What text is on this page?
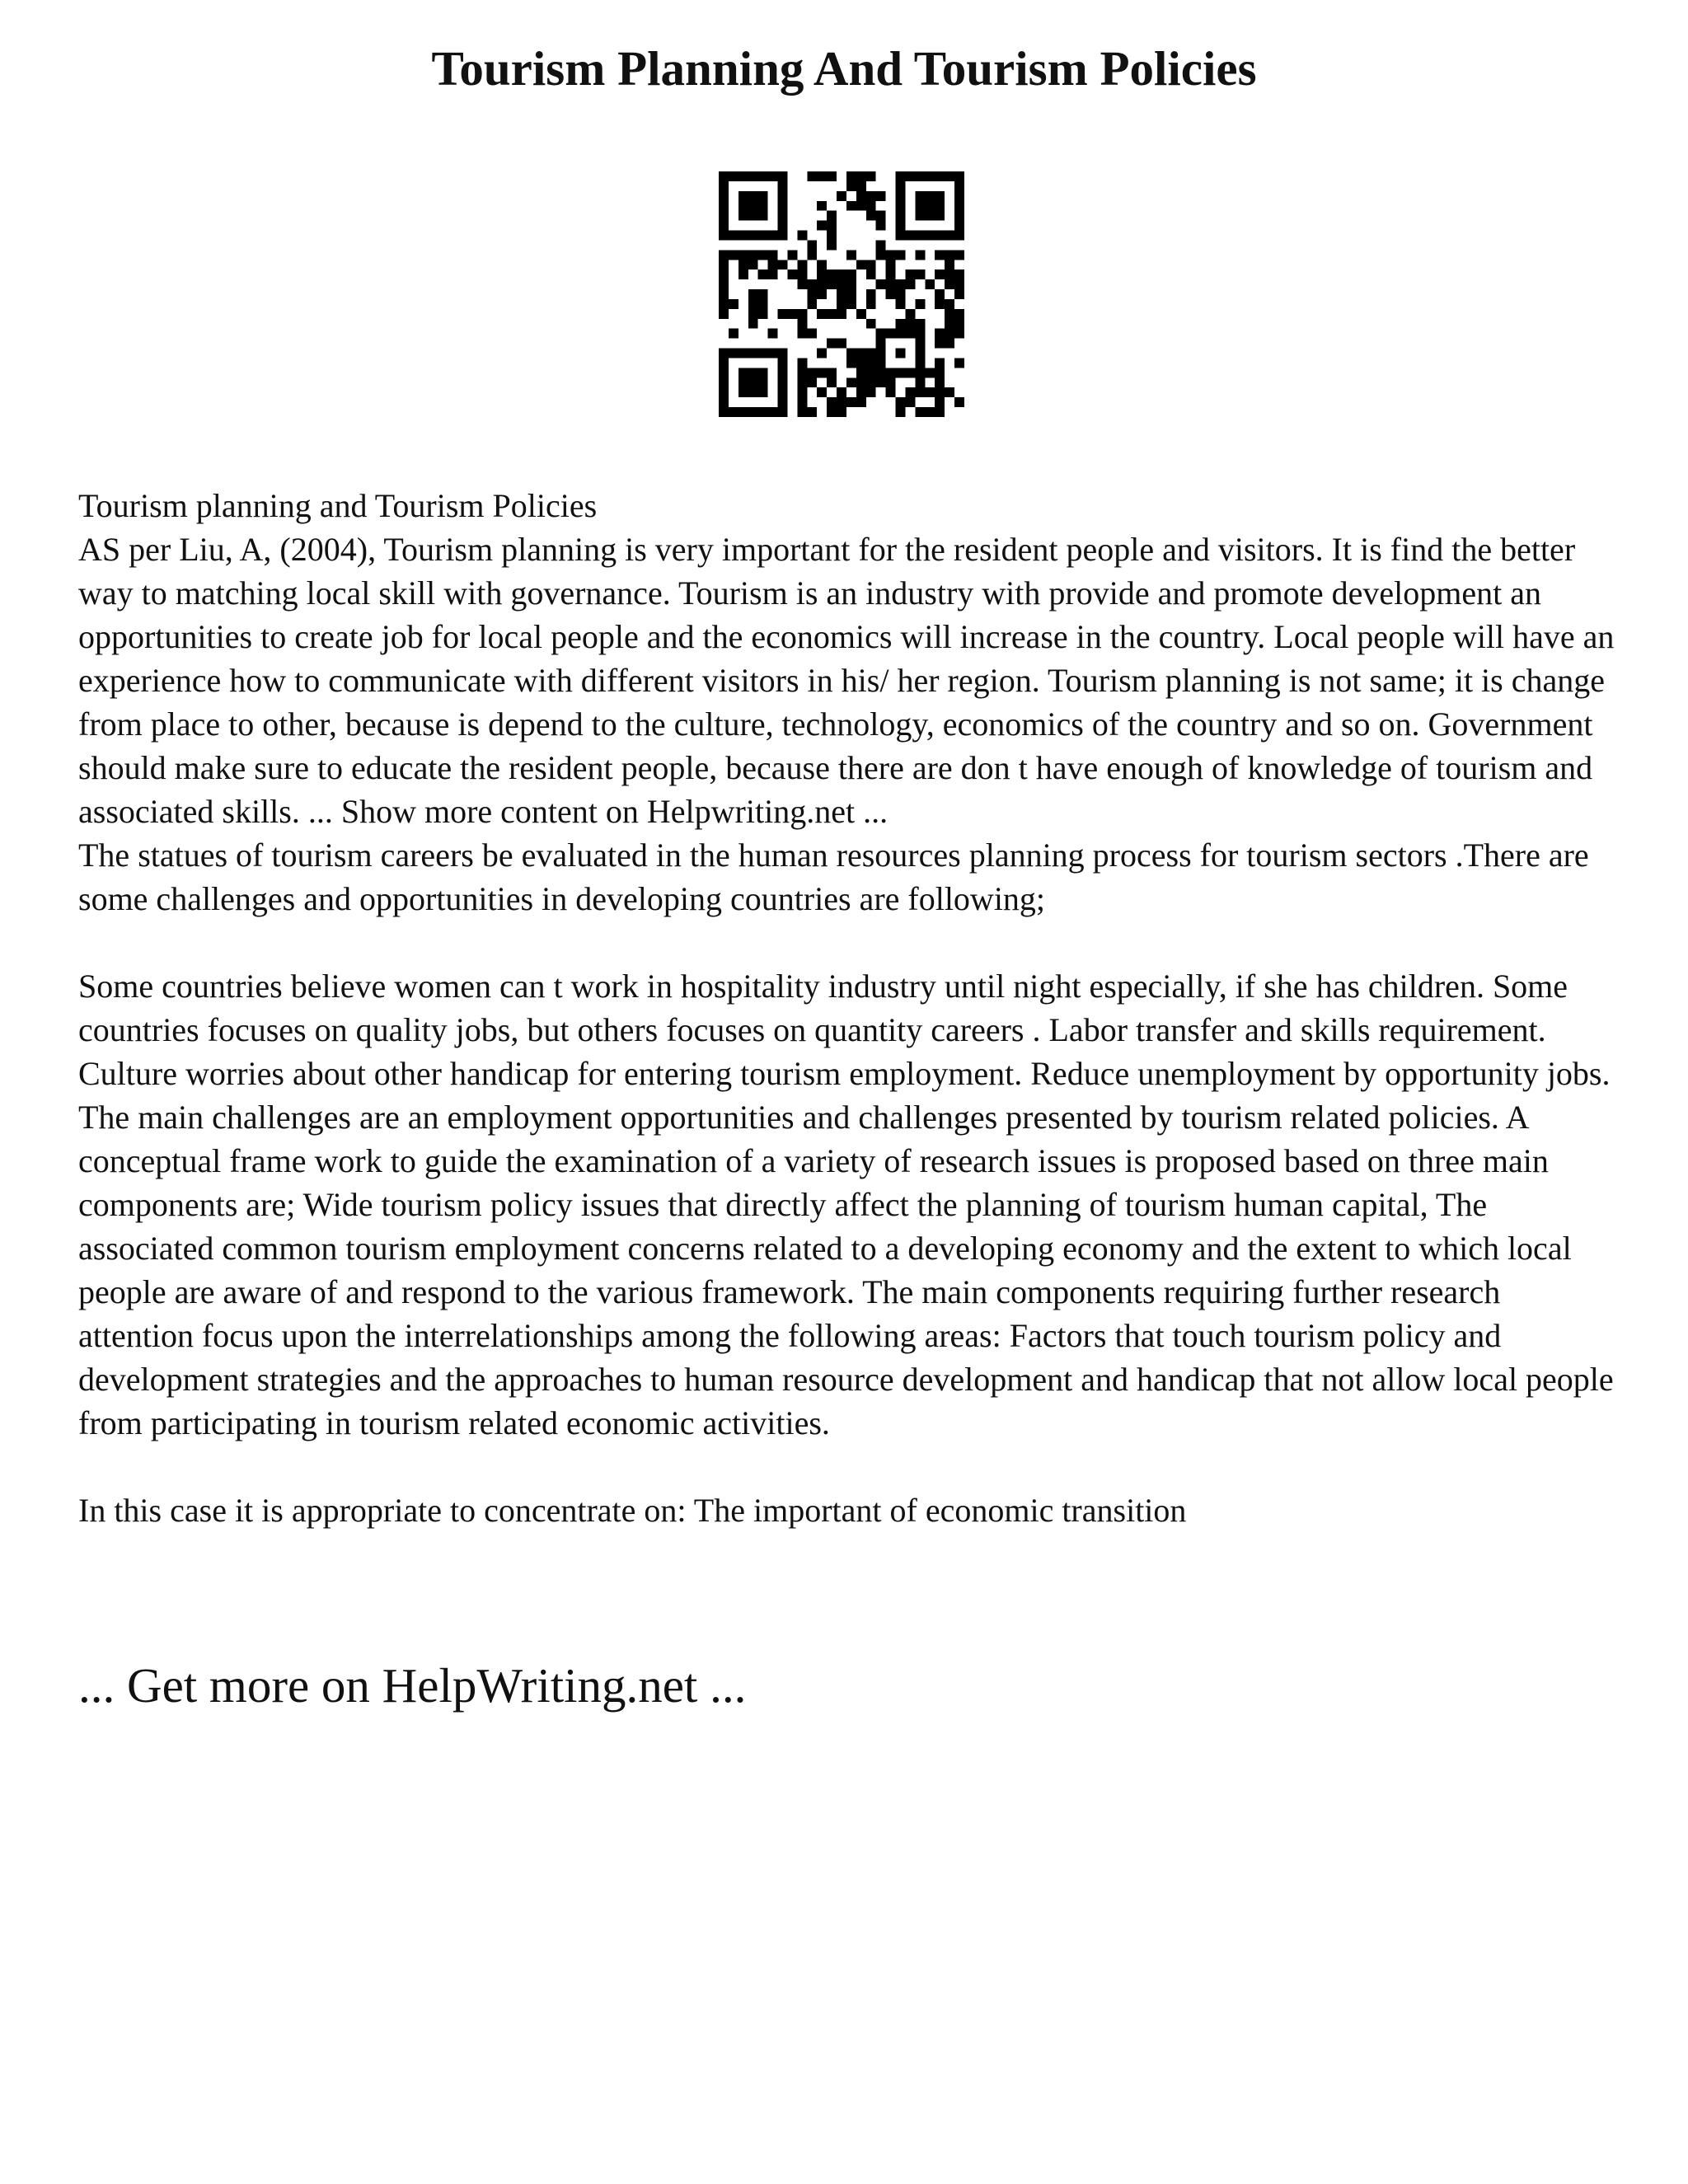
Tourism Planning And Tourism Policies

Tourism planning and Tourism Policies

AS per Liu, A, (2004), Tourism planning is very important for the resident people and visitors. It is find the better way to matching local skill with governance. Tourism is an industry with provide and promote development an opportunities to create job for local people and the economics will increase in the country. Local people will have an experience how to communicate with different visitors in his/ her region. Tourism planning is not same; it is change from place to other, because is depend to the culture, technology, economics of the country and so on. Government should make sure to educate the resident people, because there are don t have enough of knowledge of tourism and associated skills. ... Show more content on Helpwriting.net ...

The statues of tourism careers be evaluated in the human resources planning process for tourism sectors .There are some challenges and opportunities in developing countries are following;

Some countries believe women can t work in hospitality industry until night especially, if she has children. Some countries focuses on quality jobs, but others focuses on quantity careers . Labor transfer and skills requirement. Culture worries about other handicap for entering tourism employment. Reduce unemployment by opportunity jobs. The main challenges are an employment opportunities and challenges presented by tourism related policies. A conceptual frame work to guide the examination of a variety of research issues is proposed based on three main components are; Wide tourism policy issues that directly affect the planning of tourism human capital, The associated common tourism employment concerns related to a developing economy and the extent to which local people are aware of and respond to the various framework. The main components requiring further research attention focus upon the interrelationships among the following areas: Factors that touch tourism policy and development strategies and the approaches to human resource development and handicap that not allow local people from participating in tourism related economic activities.

In this case it is appropriate to concentrate on: The important of economic transition

... Get more on HelpWriting.net ...
